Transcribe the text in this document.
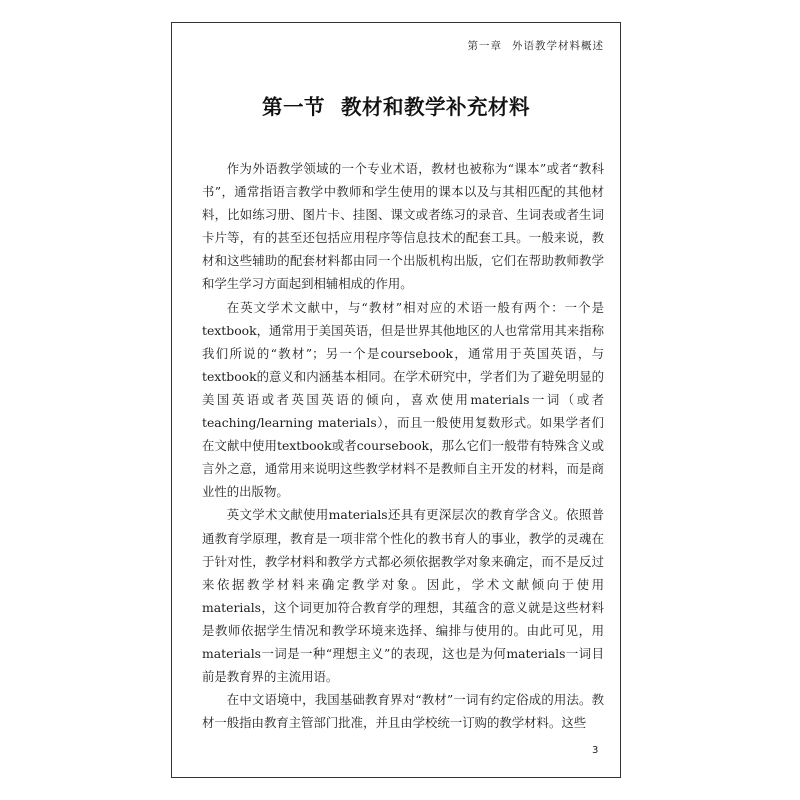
第一章 外语教学材料概述
第一节 教材和教学补充材料

作为外语教学领域的一个专业术语，教材也被称为“课本”或者“教科书”，通常指语言教学中教师和学生使用的课本以及与其相匹配的其他材料，比如练习册、图片卡、挂图、课文或者练习的录音、生词表或者生词卡片等，有的甚至还包括应用程序等信息技术的配套工具。一般来说，教材和这些辅助的配套材料都由同一个出版机构出版，它们在帮助教师教学和学生学习方面起到相辅相成的作用。

在英文学术文献中，与“教材”相对应的术语一般有两个：一个是textbook，通常用于美国英语，但是世界其他地区的人也常常用其来指称我们所说的“教材”；另一个是coursebook，通常用于英国英语，与textbook的意义和内涵基本相同。在学术研究中，学者们为了避免明显的美国英语或者英国英语的倾向，喜欢使用materials一词（或者teaching/learning materials），而且一般使用复数形式。如果学者们在文献中使用textbook或者coursebook，那么它们一般带有特殊含义或言外之意，通常用来说明这些教学材料不是教师自主开发的材料，而是商业性的出版物。

英文学术文献使用materials还具有更深层次的教育学含义。依照普通教育学原理，教育是一项非常个性化的教书育人的事业，教学的灵魂在于针对性，教学材料和教学方式都必须依据教学对象来确定，而不是反过来依据教学材料来确定教学对象。因此，学术文献倾向于使用materials，这个词更加符合教育学的理想，其蕴含的意义就是这些材料是教师依据学生情况和教学环境来选择、编排与使用的。由此可见，用materials一词是一种“理想主义”的表现，这也是为何materials一词目前是教育界的主流用语。

在中文语境中，我国基础教育界对“教材”一词有约定俗成的用法。教材一般指由教育主管部门批准，并且由学校统一订购的教学材料。这些

3
